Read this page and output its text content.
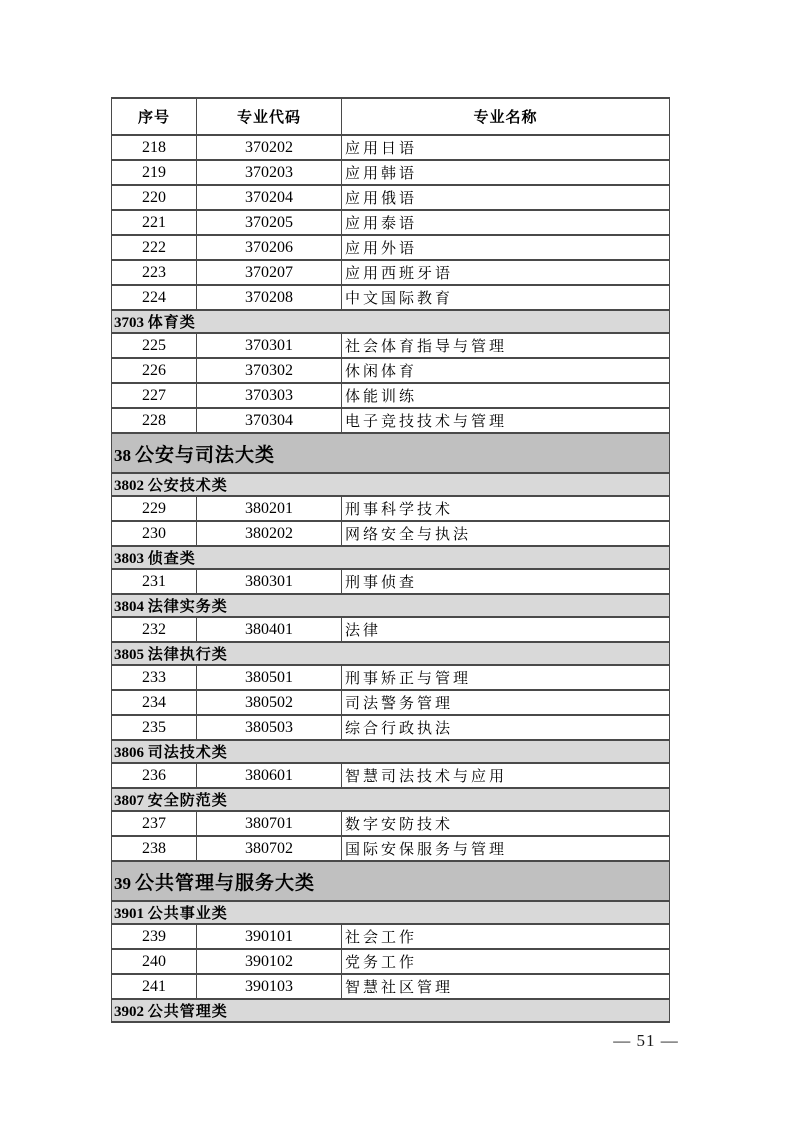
序号	专业代码	专业名称
218	370202	应用日语
219	370203	应用韩语
220	370204	应用俄语
221	370205	应用泰语
222	370206	应用外语
223	370207	应用西班牙语
224	370208	中文国际教育
3703 体育类		
225	370301	社会体育指导与管理
226	370302	休闲体育
227	370303	体能训练
228	370304	电子竞技技术与管理
38 公安与司法大类		
3802 公安技术类		
229	380201	刑事科学技术
230	380202	网络安全与执法
3803 侦查类		
231	380301	刑事侦查
3804 法律实务类		
232	380401	法律
3805 法律执行类		
233	380501	刑事矫正与管理
234	380502	司法警务管理
235	380503	综合行政执法
3806 司法技术类		
236	380601	智慧司法技术与应用
3807 安全防范类		
237	380701	数字安防技术
238	380702	国际安保服务与管理
39 公共管理与服务大类		
3901 公共事业类		
239	390101	社会工作
240	390102	党务工作
241	390103	智慧社区管理
3902 公共管理类		
— 51 —
